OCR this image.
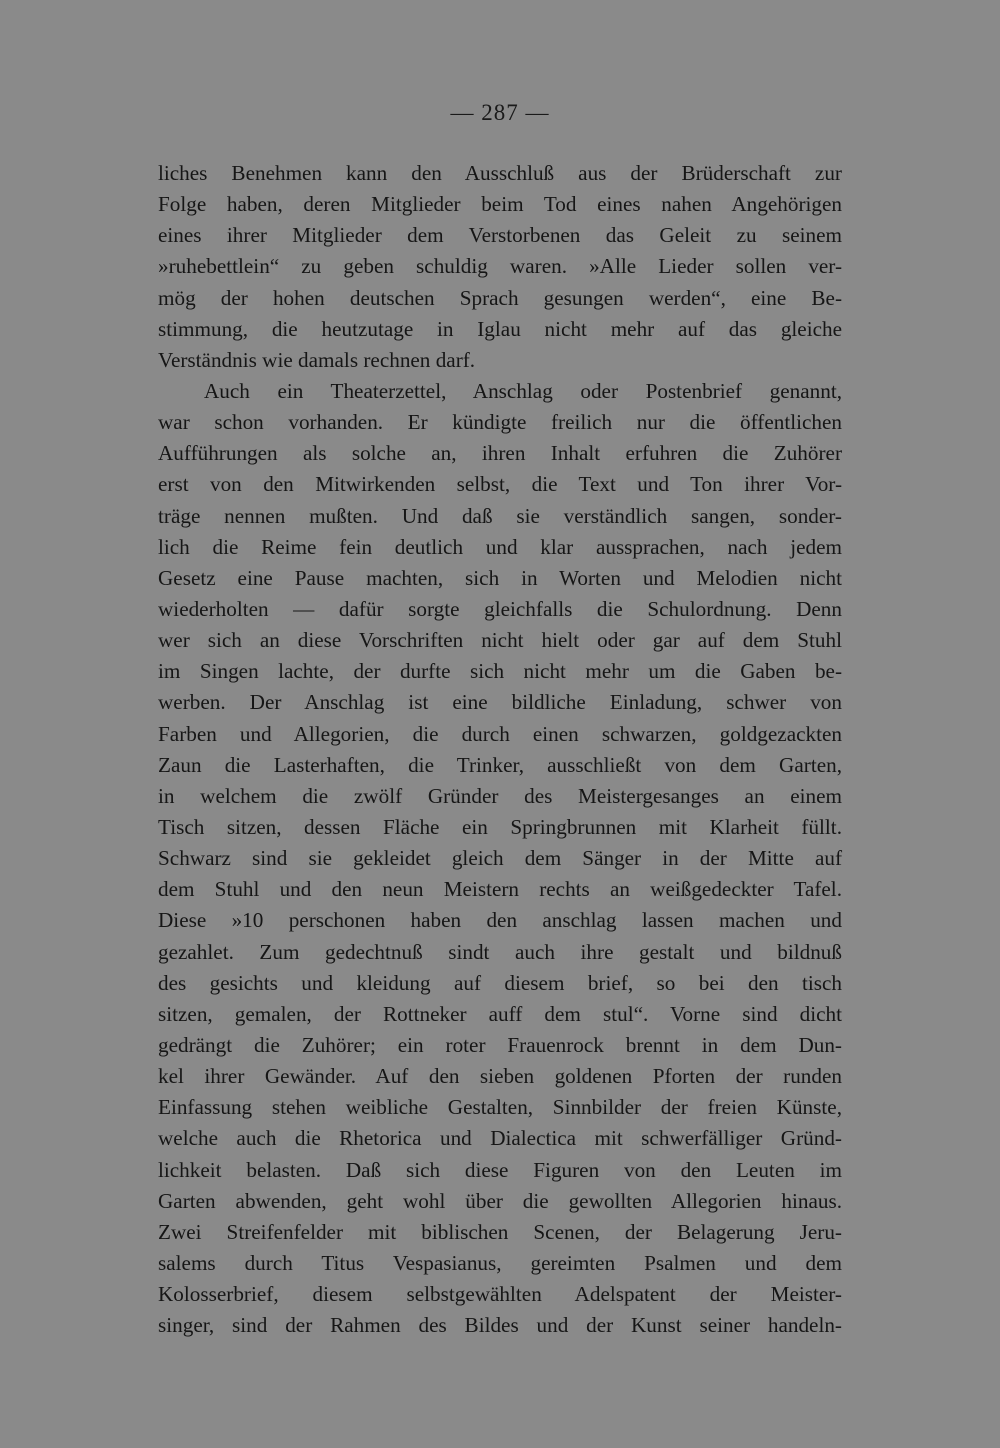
— 287 —
liches Benehmen kann den Ausschluß aus der Brüderschaft zur
Folge haben, deren Mitglieder beim Tod eines nahen Angehörigen
eines ihrer Mitglieder dem Verstorbenen das Geleit zu seinem
»ruhebettlein“ zu geben schuldig waren. »Alle Lieder sollen ver-
mög der hohen deutschen Sprach gesungen werden“, eine Be-
stimmung, die heutzutage in Iglau nicht mehr auf das gleiche
Verständnis wie damals rechnen darf.
Auch ein Theaterzettel, Anschlag oder Postenbrief genannt,
war schon vorhanden. Er kündigte freilich nur die öffentlichen
Aufführungen als solche an, ihren Inhalt erfuhren die Zuhörer
erst von den Mitwirkenden selbst, die Text und Ton ihrer Vor-
träge nennen mußten. Und daß sie verständlich sangen, sonder-
lich die Reime fein deutlich und klar aussprachen, nach jedem
Gesetz eine Pause machten, sich in Worten und Melodien nicht
wiederholten — dafür sorgte gleichfalls die Schulordnung. Denn
wer sich an diese Vorschriften nicht hielt oder gar auf dem Stuhl
im Singen lachte, der durfte sich nicht mehr um die Gaben be-
werben. Der Anschlag ist eine bildliche Einladung, schwer von
Farben und Allegorien, die durch einen schwarzen, goldgezackten
Zaun die Lasterhaften, die Trinker, ausschließt von dem Garten,
in welchem die zwölf Gründer des Meistergesanges an einem
Tisch sitzen, dessen Fläche ein Springbrunnen mit Klarheit füllt.
Schwarz sind sie gekleidet gleich dem Sänger in der Mitte auf
dem Stuhl und den neun Meistern rechts an weißgedeckter Tafel.
Diese »10 perschonen haben den anschlag lassen machen und
gezahlet. Zum gedechtnuß sindt auch ihre gestalt und bildnuß
des gesichts und kleidung auf diesem brief, so bei den tisch
sitzen, gemalen, der Rottneker auff dem stul“. Vorne sind dicht
gedrängt die Zuhörer; ein roter Frauenrock brennt in dem Dun-
kel ihrer Gewänder. Auf den sieben goldenen Pforten der runden
Einfassung stehen weibliche Gestalten, Sinnbilder der freien Künste,
welche auch die Rhetorica und Dialectica mit schwerfälliger Gründ-
lichkeit belasten. Daß sich diese Figuren von den Leuten im
Garten abwenden, geht wohl über die gewollten Allegorien hinaus.
Zwei Streifenfelder mit biblischen Scenen, der Belagerung Jeru-
salems durch Titus Vespasianus, gereimten Psalmen und dem
Kolosserbrief, diesem selbstgewählten Adelspatent der Meister-
singer, sind der Rahmen des Bildes und der Kunst seiner handeln-
